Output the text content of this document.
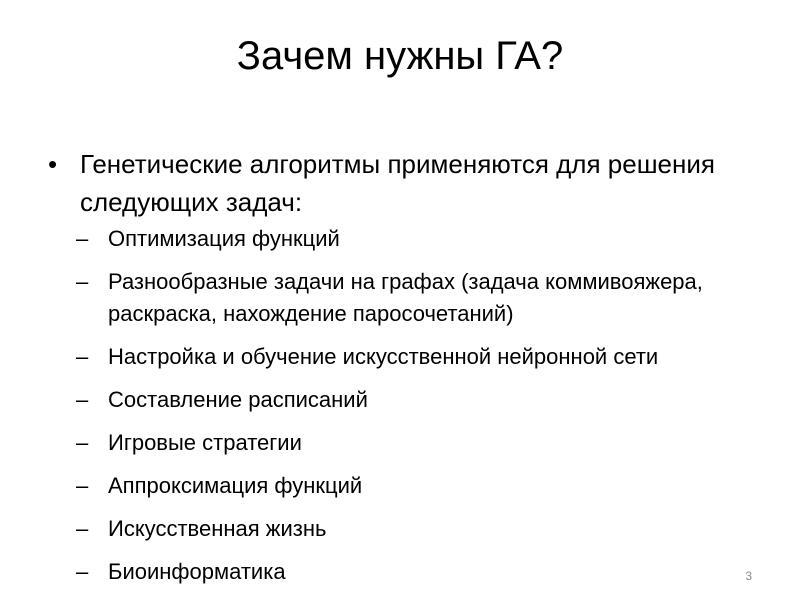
Зачем нужны ГА?
• Генетические алгоритмы применяются для решения следующих задач:
– Оптимизация функций
– Разнообразные задачи на графах (задача коммивояжера, раскраска, нахождение паросочетаний)
– Настройка и обучение искусственной нейронной сети
– Составление расписаний
– Игровые стратегии
– Аппроксимация функций
– Искусственная жизнь
– Биоинформатика	3
